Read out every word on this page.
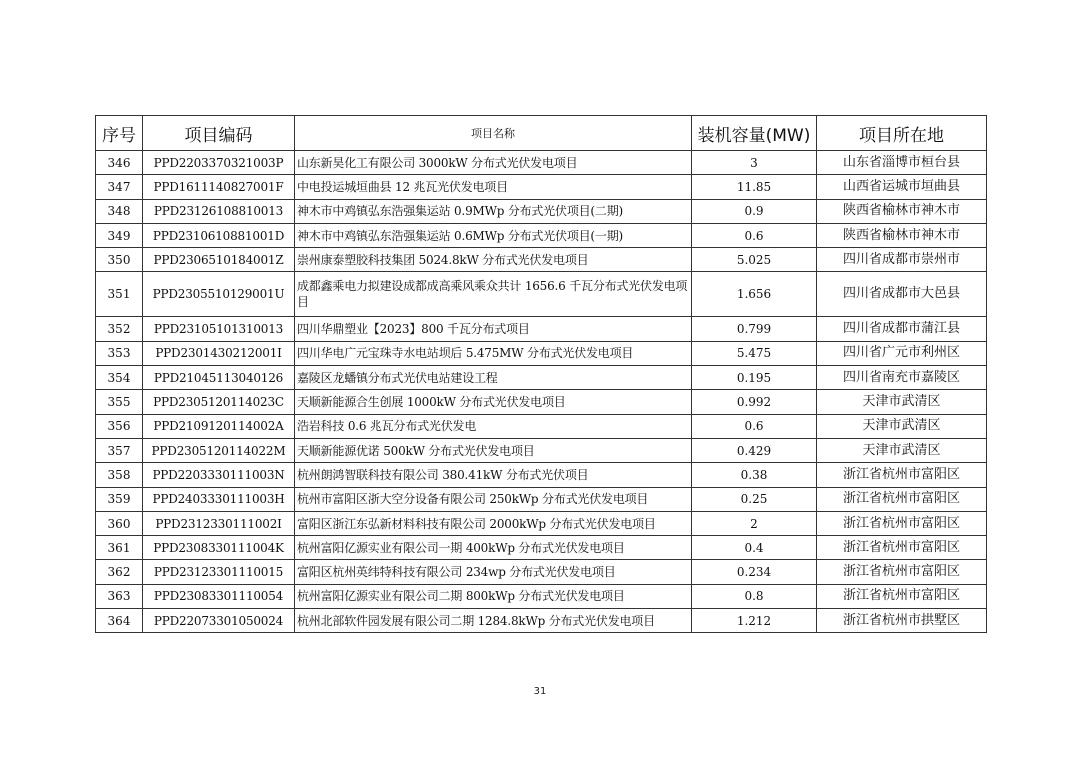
序号	项目编码	项目名称	装机容量(MW)	项目所在地
346	PPD2203370321003P	山东新昊化工有限公司 3000kW 分布式光伏发电项目	3	山东省淄博市桓台县
347	PPD1611140827001F	中电投运城垣曲县 12 兆瓦光伏发电项目	11.85	山西省运城市垣曲县
348	PPD23126108810013	神木市中鸡镇弘东浩强集运站 0.9MWp 分布式光伏项目(二期)	0.9	陕西省榆林市神木市
349	PPD2310610881001D	神木市中鸡镇弘东浩强集运站 0.6MWp 分布式光伏项目(一期)	0.6	陕西省榆林市神木市
350	PPD2306510184001Z	崇州康泰塑胶科技集团 5024.8kW 分布式光伏发电项目	5.025	四川省成都市崇州市
351	PPD2305510129001U	成都鑫乘电力拟建设成都成高乘风乘众共计 1656.6 千瓦分布式光伏发电项目	1.656	四川省成都市大邑县
352	PPD23105101310013	四川华鼎塑业【2023】800 千瓦分布式项目	0.799	四川省成都市蒲江县
353	PPD2301430212001I	四川华电广元宝珠寺水电站坝后 5.475MW 分布式光伏发电项目	5.475	四川省广元市利州区
354	PPD21045113040126	嘉陵区龙蟠镇分布式光伏电站建设工程	0.195	四川省南充市嘉陵区
355	PPD2305120114023C	天顺新能源合生创展 1000kW 分布式光伏发电项目	0.992	天津市武清区
356	PPD2109120114002A	浩岩科技 0.6 兆瓦分布式光伏发电	0.6	天津市武清区
357	PPD2305120114022M	天顺新能源优诺 500kW 分布式光伏发电项目	0.429	天津市武清区
358	PPD2203330111003N	杭州朗鸿智联科技有限公司 380.41kW 分布式光伏项目	0.38	浙江省杭州市富阳区
359	PPD2403330111003H	杭州市富阳区浙大空分设备有限公司 250kWp 分布式光伏发电项目	0.25	浙江省杭州市富阳区
360	PPD2312330111002I	富阳区浙江东弘新材料科技有限公司 2000kWp 分布式光伏发电项目	2	浙江省杭州市富阳区
361	PPD2308330111004K	杭州富阳亿源实业有限公司一期 400kWp 分布式光伏发电项目	0.4	浙江省杭州市富阳区
362	PPD23123301110015	富阳区杭州英纬特科技有限公司 234wp 分布式光伏发电项目	0.234	浙江省杭州市富阳区
363	PPD23083301110054	杭州富阳亿源实业有限公司二期 800kWp 分布式光伏发电项目	0.8	浙江省杭州市富阳区
364	PPD22073301050024	杭州北部软件园发展有限公司二期 1284.8kWp 分布式光伏发电项目	1.212	浙江省杭州市拱墅区
31
